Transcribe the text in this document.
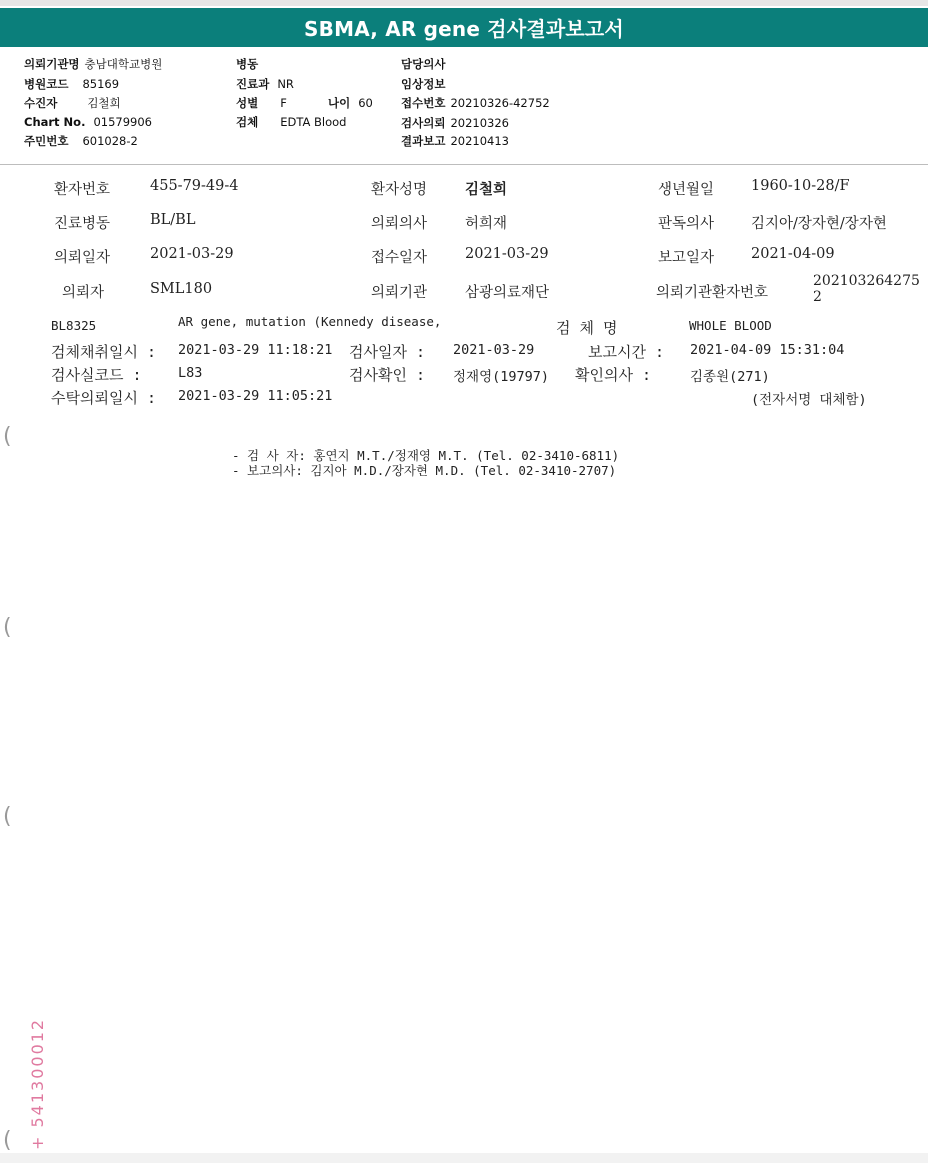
SBMA, AR gene 검사결과보고서
의뢰기관명 충남대학교병원
병원코드 85169
수진자	김철희
Chart No. 01579906
주민번호 601028-2
병동
진료과 NR
성별 F	나이 60
검체 EDTA Blood
담당의사
임상정보
접수번호 20210326-42752
검사의뢰 20210326
결과보고 20210413
환자번호	455-79-49-4	환자성명	김철희	생년월일	1960-10-28/F
진료병동	BL/BL	의뢰의사	허희재	판독의사	김지아/장자현/장자현
의뢰일자	2021-03-29	접수일자	2021-03-29	보고일자	2021-04-09
의뢰자	SML180	의뢰기관	삼광의료재단	의뢰기관환자번호
202103264275 2
BL8325	AR gene, mutation (Kennedy disease,	검 체 명	WHOLE BLOOD
검체채취일시 : 2021-03-29 11:18:21 검사일자 : 2021-03-29	보고시간 : 2021-04-09 15:31:04
검사실코드 :	L83	검사확인 : 정재영(19797) 확인의사 :	김종원(271)
수탁의뢰일시 : 2021-03-29 11:05:21	(전자서명 대체함)
- 검 사 자: 홍연지 M.T./정재영 M.T. (Tel. 02-3410-6811)
- 보고의사: 김지아 M.D./장자현 M.D. (Tel. 02-3410-2707)
(
(
(
(	+ 541300012
